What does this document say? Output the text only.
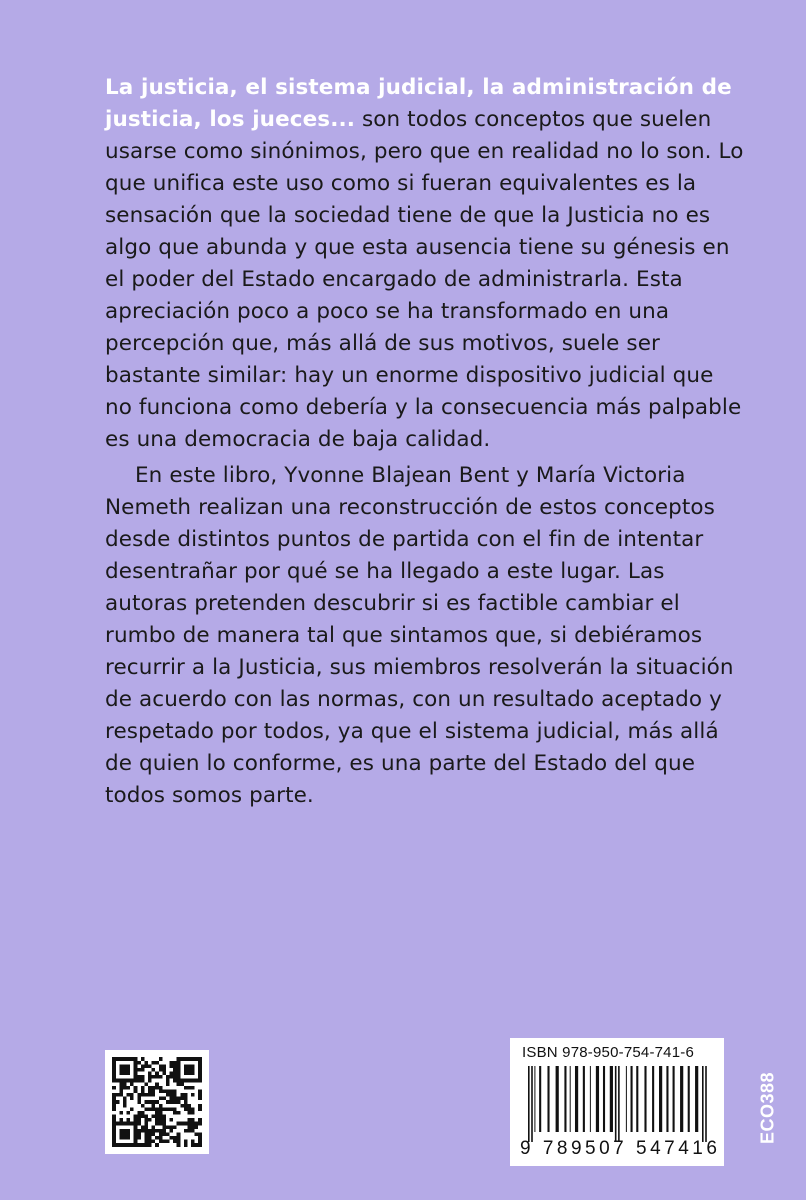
La justicia, el sistema judicial, la administración de justicia, los jueces... son todos conceptos que suelen usarse como sinónimos, pero que en realidad no lo son. Lo que unifica este uso como si fueran equivalentes es la sensación que la sociedad tiene de que la Justicia no es algo que abunda y que esta ausencia tiene su génesis en el poder del Estado encargado de administrarla. Esta apreciación poco a poco se ha transformado en una percepción que, más allá de sus motivos, suele ser bastante similar: hay un enorme dispositivo judicial que no funciona como debería y la consecuencia más palpable es una democracia de baja calidad.

En este libro, Yvonne Blajean Bent y María Victoria Nemeth realizan una reconstrucción de estos conceptos desde distintos puntos de partida con el fin de intentar desentrañar por qué se ha llegado a este lugar. Las autoras pretenden descubrir si es factible cambiar el rumbo de manera tal que sintamos que, si debiéramos recurrir a la Justicia, sus miembros resolverán la situación de acuerdo con las normas, con un resultado aceptado y respetado por todos, ya que el sistema judicial, más allá de quien lo conforme, es una parte del Estado del que todos somos parte.

ISBN 978-950-754-741-6
9 789507 547416
ECO388
